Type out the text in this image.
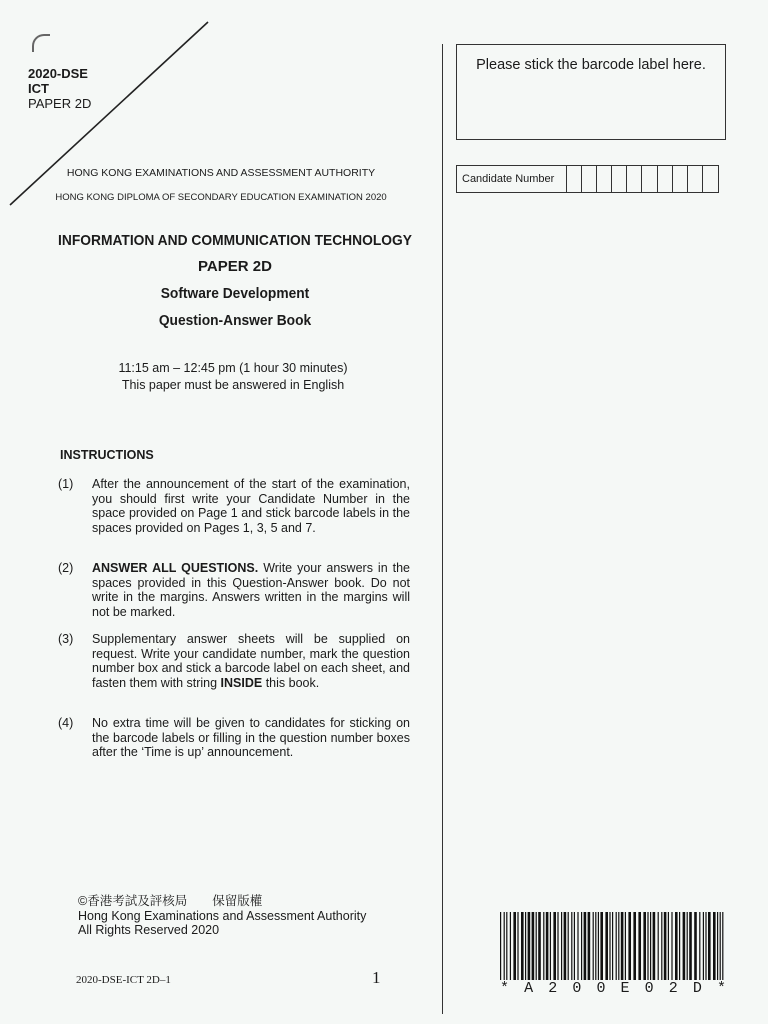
2020-DSE
ICT
PAPER 2D
HONG KONG EXAMINATIONS AND ASSESSMENT AUTHORITY
HONG KONG DIPLOMA OF SECONDARY EDUCATION EXAMINATION 2020
INFORMATION AND COMMUNICATION TECHNOLOGY
PAPER 2D
Software Development
Question-Answer Book
11:15 am – 12:45 pm (1 hour 30 minutes)
This paper must be answered in English
INSTRUCTIONS
(1) After the announcement of the start of the examination, you should first write your Candidate Number in the space provided on Page 1 and stick barcode labels in the spaces provided on Pages 1, 3, 5 and 7.
(2) ANSWER ALL QUESTIONS. Write your answers in the spaces provided in this Question-Answer book. Do not write in the margins. Answers written in the margins will not be marked.
(3) Supplementary answer sheets will be supplied on request. Write your candidate number, mark the question number box and stick a barcode label on each sheet, and fasten them with string INSIDE this book.
(4) No extra time will be given to candidates for sticking on the barcode labels or filling in the question number boxes after the ‘Time is up’ announcement.
Please stick the barcode label here.
Candidate Number
©香港考試及評核局　　保留版權
Hong Kong Examinations and Assessment Authority
All Rights Reserved 2020
2020-DSE-ICT 2D–1	1
* A 2 0 0 E 0 2 D *
